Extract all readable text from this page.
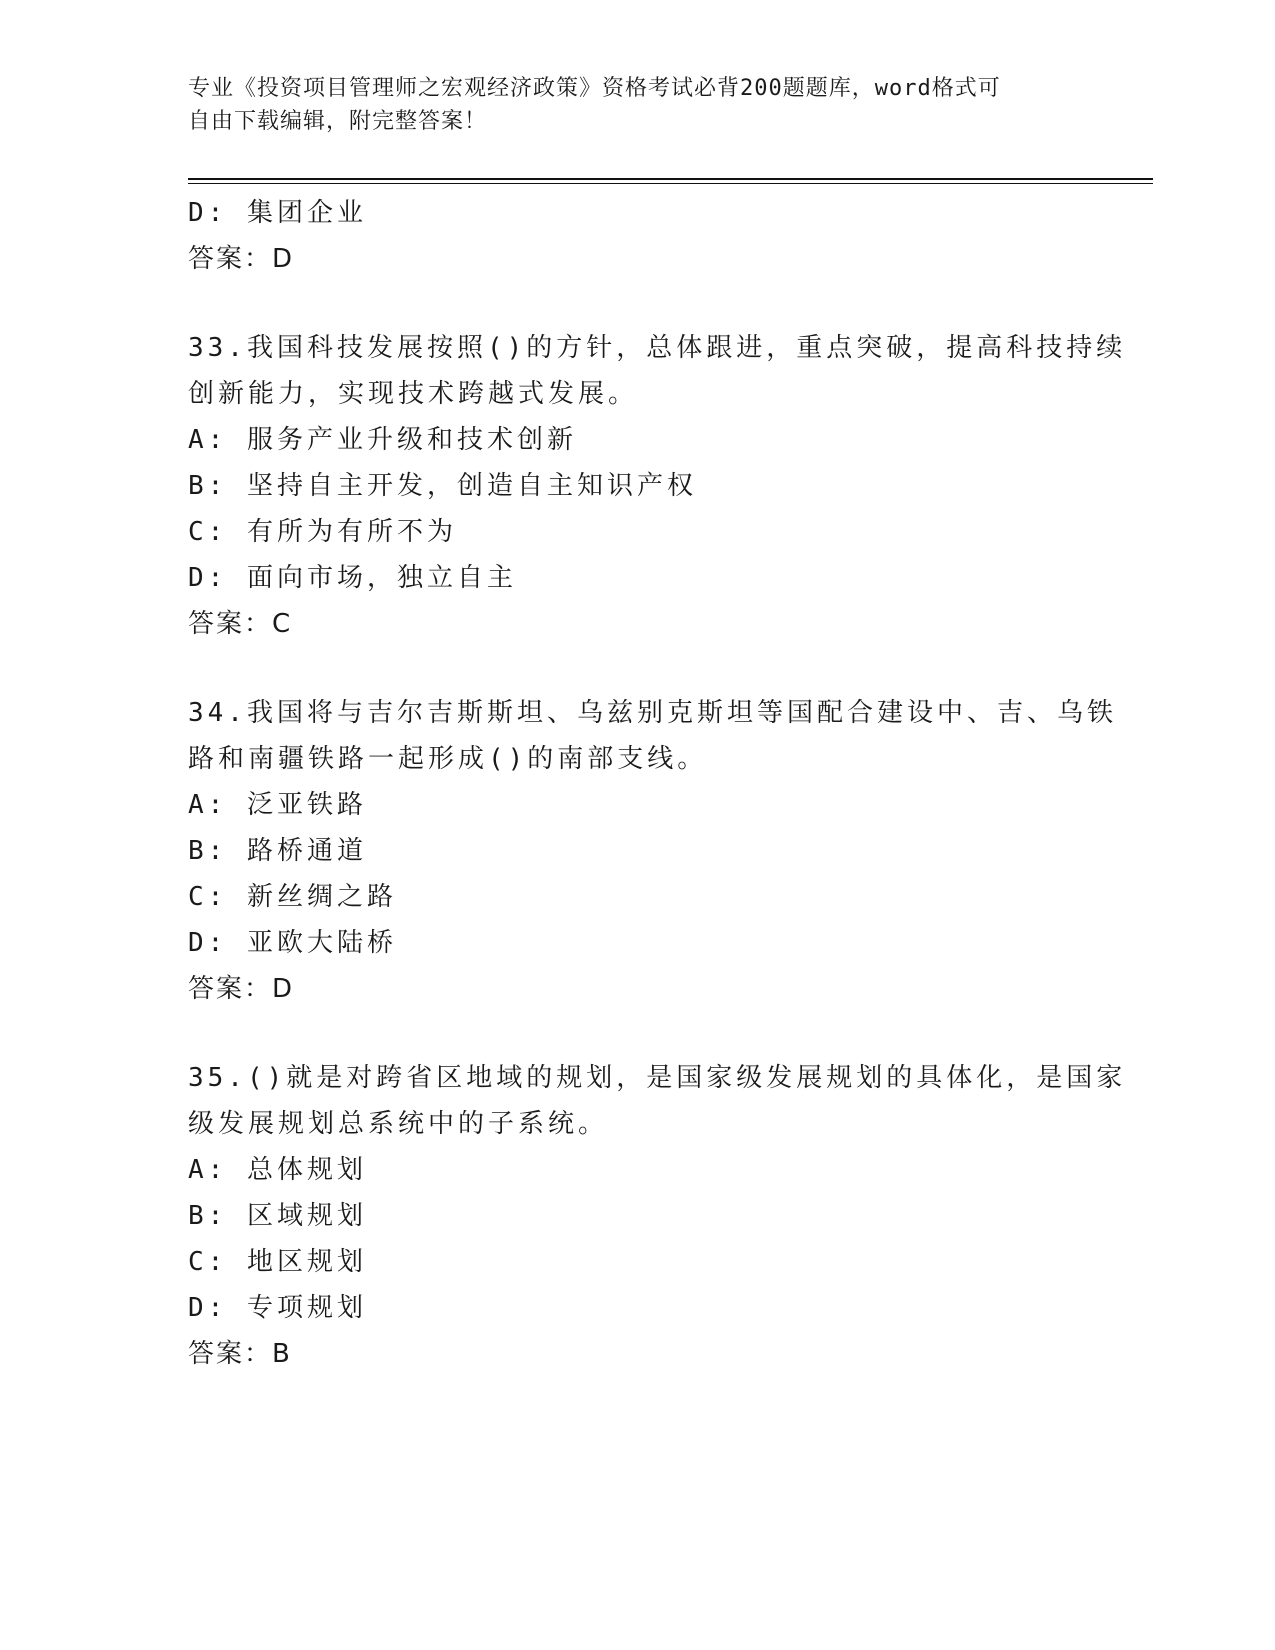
专业《投资项目管理师之宏观经济政策》资格考试必背200题题库，word格式可
自由下载编辑，附完整答案！
D: 集团企业
答案：D
33.我国科技发展按照()的方针，总体跟进，重点突破，提高科技持续
创新能力，实现技术跨越式发展。
A: 服务产业升级和技术创新
B: 坚持自主开发，创造自主知识产权
C: 有所为有所不为
D: 面向市场，独立自主
答案：C
34.我国将与吉尔吉斯斯坦、乌兹别克斯坦等国配合建设中、吉、乌铁
路和南疆铁路一起形成()的南部支线。
A: 泛亚铁路
B: 路桥通道
C: 新丝绸之路
D: 亚欧大陆桥
答案：D
35.()就是对跨省区地域的规划，是国家级发展规划的具体化，是国家
级发展规划总系统中的子系统。
A: 总体规划
B: 区域规划
C: 地区规划
D: 专项规划
答案：B
